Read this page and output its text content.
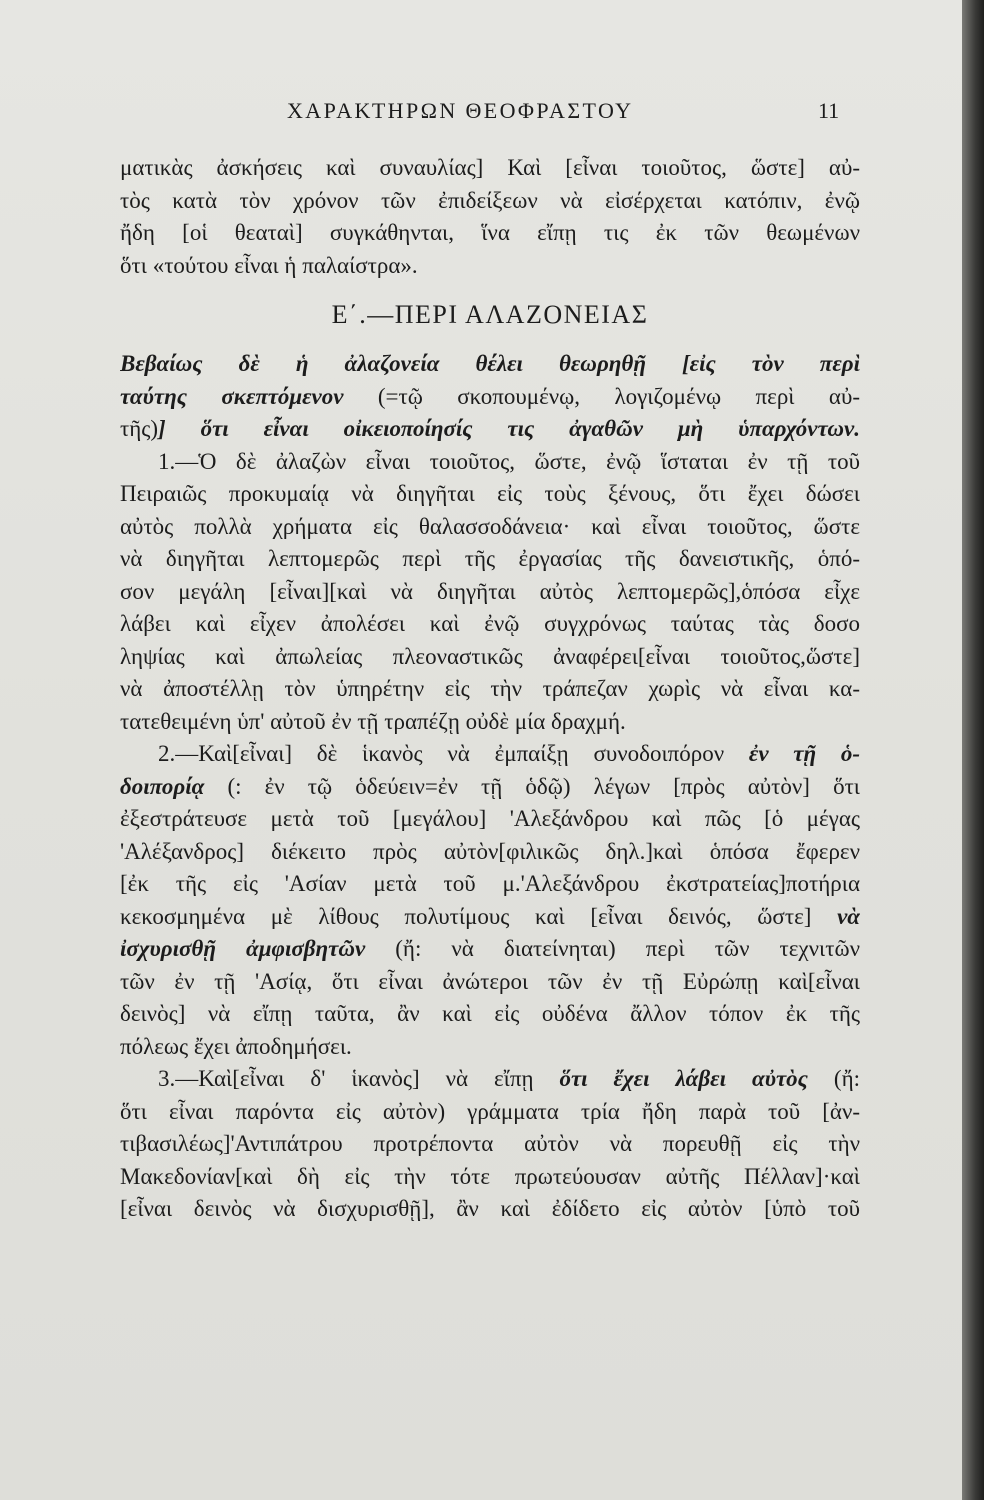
ΧΑΡΑΚΤΗΡΩΝ ΘΕΟΦΡΑΣΤΟΥ	11
ματικὰς ἀσκήσεις καὶ συναυλίας] Καὶ [εἶναι τοιοῦτος, ὥστε] αὐ-
τὸς κατὰ τὸν χρόνον τῶν ἐπιδείξεων νὰ εἰσέρχεται κατόπιν, ἐνῷ
ἤδη [οἱ θεαταὶ] συγκάθηνται, ἵνα εἴπῃ τις ἐκ τῶν θεωμένων
ὅτι «τούτου εἶναι ἡ παλαίστρα».
Ε΄.—ΠΕΡΙ ΑΛΑΖΟΝΕΙΑΣ
Βεβαίως δὲ ἡ ἀλαζονεία θέλει θεωρηθῇ [εἰς τὸν περὶ
ταύτης σκεπτόμενον (=τῷ σκοπουμένῳ, λογιζομένῳ περὶ αὐ-
τῆς)] ὅτι εἶναι οἰκειοποίησίς τις ἀγαθῶν μὴ ὑπαρχόντων.
1.—Ὁ δὲ ἀλαζὼν εἶναι τοιοῦτος, ὥστε, ἐνῷ ἵσταται ἐν τῇ τοῦ
Πειραιῶς προκυμαίᾳ νὰ διηγῆται εἰς τοὺς ξένους, ὅτι ἔχει δώσει
αὐτὸς πολλὰ χρήματα εἰς θαλασσοδάνεια· καὶ εἶναι τοιοῦτος, ὥστε
νὰ διηγῆται λεπτομερῶς περὶ τῆς ἐργασίας τῆς δανειστικῆς, ὁπό-
σον μεγάλη [εἶναι][καὶ νὰ διηγῆται αὐτὸς λεπτομερῶς],ὁπόσα εἶχε
λάβει καὶ εἶχεν ἀπολέσει καὶ ἐνῷ συγχρόνως ταύτας τὰς δοσο
ληψίας καὶ ἀπωλείας πλεοναστικῶς ἀναφέρει[εἶναι τοιοῦτος,ὥστε]
νὰ ἀποστέλλῃ τὸν ὑπηρέτην εἰς τὴν τράπεζαν χωρὶς νὰ εἶναι κα-
τατεθειμένη ὑπ' αὐτοῦ ἐν τῇ τραπέζῃ οὐδὲ μία δραχμή.
2.—Καὶ[εἶναι] δὲ ἱκανὸς νὰ ἐμπαίξῃ συνοδοιπόρον ἐν τῇ ὁ-
δοιπορίᾳ (: ἐν τῷ ὁδεύειν=ἐν τῇ ὁδῷ) λέγων [πρὸς αὐτὸν] ὅτι
ἐξεστράτευσε μετὰ τοῦ [μεγάλου] 'Αλεξάνδρου καὶ πῶς [ὁ μέγας
'Αλέξανδρος] διέκειτο πρὸς αὐτὸν[φιλικῶς δηλ.]καὶ ὁπόσα ἔφερεν
[ἐκ τῆς εἰς 'Ασίαν μετὰ τοῦ μ.'Αλεξάνδρου ἐκστρατείας]ποτήρια
κεκοσμημένα μὲ λίθους πολυτίμους καὶ [εἶναι δεινός, ὥστε] νὰ
ἰσχυρισθῇ ἀμφισβητῶν (ἤ: νὰ διατείνηται) περὶ τῶν τεχνιτῶν
τῶν ἐν τῇ 'Ασίᾳ, ὅτι εἶναι ἀνώτεροι τῶν ἐν τῇ Εὐρώπῃ καὶ[εἶναι
δεινὸς] νὰ εἴπῃ ταῦτα, ἂν καὶ εἰς οὐδένα ἄλλον τόπον ἐκ τῆς
πόλεως ἔχει ἀποδημήσει.
3.—Καὶ[εἶναι δ' ἱκανὸς] νὰ εἴπῃ ὅτι ἔχει λάβει αὐτὸς (ἤ:
ὅτι εἶναι παρόντα εἰς αὐτὸν) γράμματα τρία ἤδη παρὰ τοῦ [ἀν-
τιβασιλέως]'Αντιπάτρου προτρέποντα αὐτὸν νὰ πορευθῇ εἰς τὴν
Μακεδονίαν[καὶ δὴ εἰς τὴν τότε πρωτεύουσαν αὐτῆς Πέλλαν]·καὶ
[εἶναι δεινὸς νὰ δισχυρισθῇ], ἂν καὶ ἐδίδετο εἰς αὐτὸν [ὑπὸ τοῦ
